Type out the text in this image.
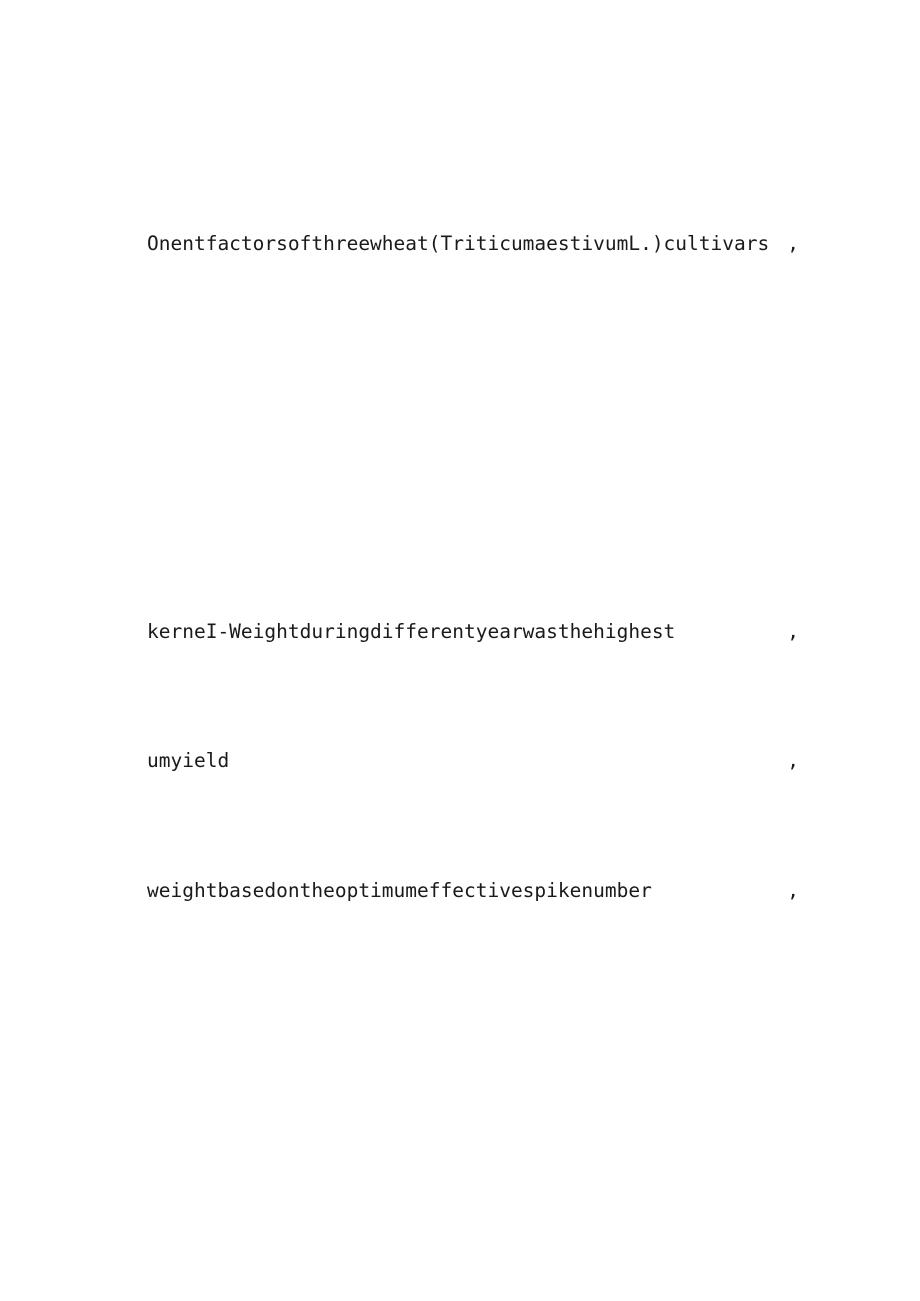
Onentfactorsofthreewheat(TriticumaestivumL.)cultivars ,

kerneI-Weightduringdifferentyearwasthehighest	,

umyield	,

weightbasedontheoptimumeffectivespikenumber	,
